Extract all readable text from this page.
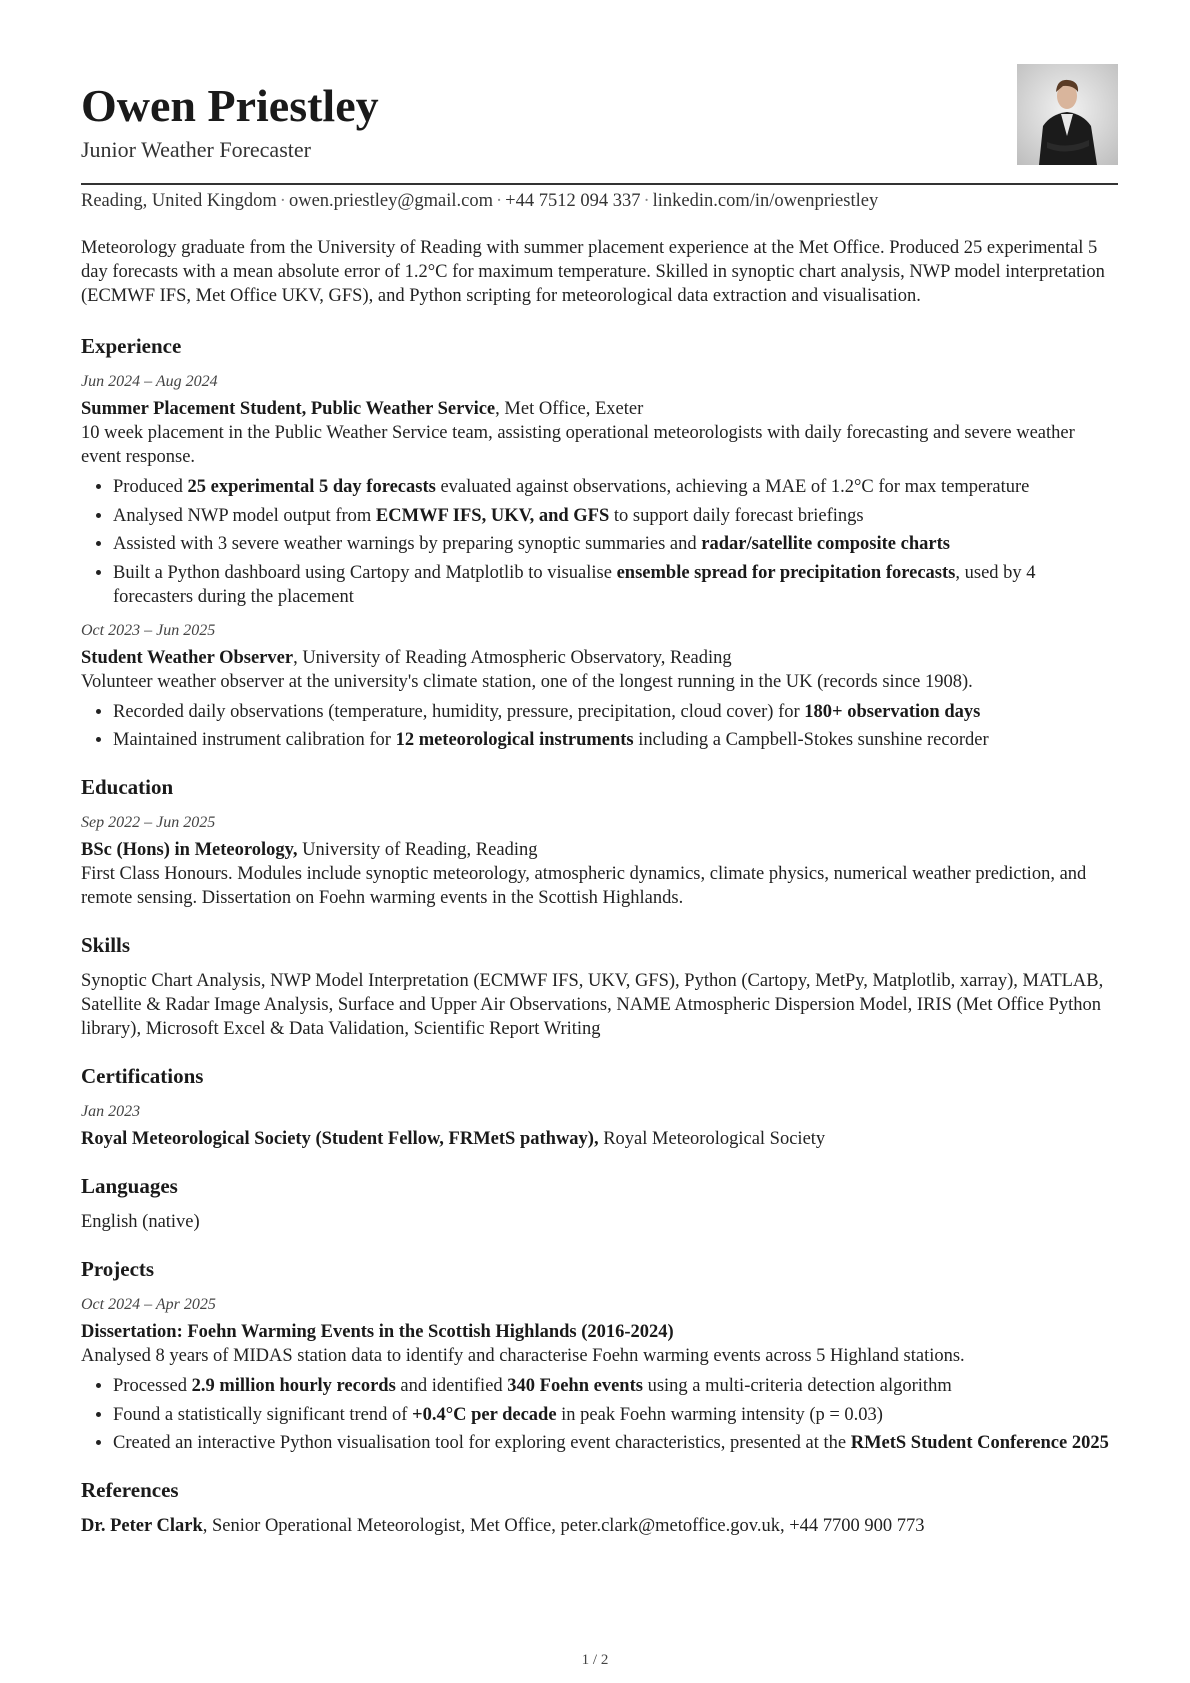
Owen Priestley
Junior Weather Forecaster
Reading, United Kingdom · owen.priestley@gmail.com · +44 7512 094 337 · linkedin.com/in/owenpriestley

Meteorology graduate from the University of Reading with summer placement experience at the Met Office. Produced 25 experimental 5 day forecasts with a mean absolute error of 1.2°C for maximum temperature. Skilled in synoptic chart analysis, NWP model interpretation (ECMWF IFS, Met Office UKV, GFS), and Python scripting for meteorological data extraction and visualisation.

Experience
Jun 2024 – Aug 2024
Summer Placement Student, Public Weather Service, Met Office, Exeter
10 week placement in the Public Weather Service team, assisting operational meteorologists with daily forecasting and severe weather event response.
• Produced 25 experimental 5 day forecasts evaluated against observations, achieving a MAE of 1.2°C for max temperature
• Analysed NWP model output from ECMWF IFS, UKV, and GFS to support daily forecast briefings
• Assisted with 3 severe weather warnings by preparing synoptic summaries and radar/satellite composite charts
• Built a Python dashboard using Cartopy and Matplotlib to visualise ensemble spread for precipitation forecasts, used by 4 forecasters during the placement
Oct 2023 – Jun 2025
Student Weather Observer, University of Reading Atmospheric Observatory, Reading
Volunteer weather observer at the university's climate station, one of the longest running in the UK (records since 1908).
• Recorded daily observations (temperature, humidity, pressure, precipitation, cloud cover) for 180+ observation days
• Maintained instrument calibration for 12 meteorological instruments including a Campbell-Stokes sunshine recorder
Education
Sep 2022 – Jun 2025
BSc (Hons) in Meteorology, University of Reading, Reading
First Class Honours. Modules include synoptic meteorology, atmospheric dynamics, climate physics, numerical weather prediction, and remote sensing. Dissertation on Foehn warming events in the Scottish Highlands.
Skills
Synoptic Chart Analysis, NWP Model Interpretation (ECMWF IFS, UKV, GFS), Python (Cartopy, MetPy, Matplotlib, xarray), MATLAB, Satellite & Radar Image Analysis, Surface and Upper Air Observations, NAME Atmospheric Dispersion Model, IRIS (Met Office Python library), Microsoft Excel & Data Validation, Scientific Report Writing
Certifications
Jan 2023
Royal Meteorological Society (Student Fellow, FRMetS pathway), Royal Meteorological Society
Languages
English (native)
Projects
Oct 2024 – Apr 2025
Dissertation: Foehn Warming Events in the Scottish Highlands (2016-2024)
Analysed 8 years of MIDAS station data to identify and characterise Foehn warming events across 5 Highland stations.
• Processed 2.9 million hourly records and identified 340 Foehn events using a multi-criteria detection algorithm
• Found a statistically significant trend of +0.4°C per decade in peak Foehn warming intensity (p = 0.03)
• Created an interactive Python visualisation tool for exploring event characteristics, presented at the RMetS Student Conference 2025
References
Dr. Peter Clark, Senior Operational Meteorologist, Met Office, peter.clark@metoffice.gov.uk, +44 7700 900 773
1 / 2
